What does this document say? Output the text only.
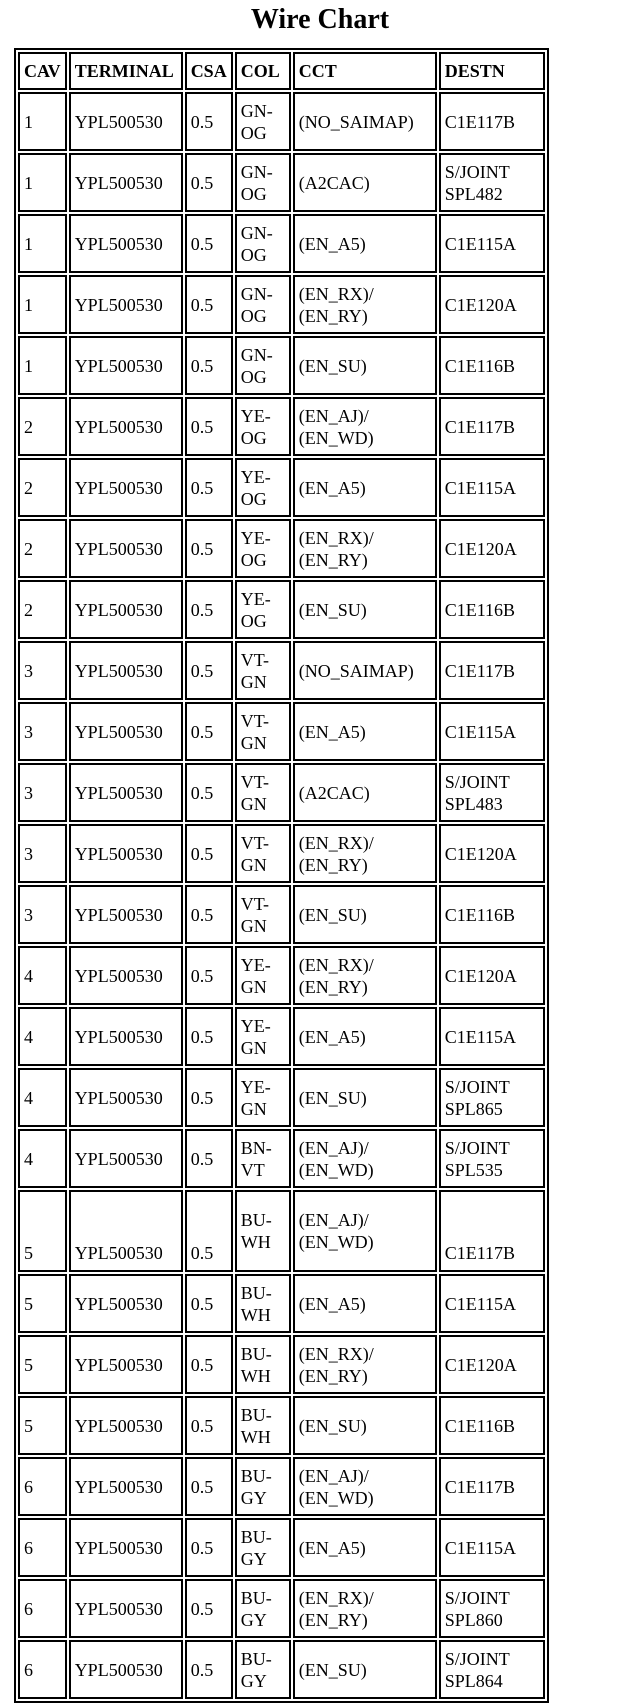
Wire Chart
CAV	TERMINAL	CSA	COL	CCT	DESTN
1	YPL500530	0.5	GN- OG	(NO_SAIMAP)	C1E117B
1	YPL500530	0.5	GN- OG	(A2CAC)	S/JOINT SPL482
1	YPL500530	0.5	GN- OG	(EN_A5)	C1E115A
1	YPL500530	0.5	GN- OG	(EN_RX)/ (EN_RY)	C1E120A
1	YPL500530	0.5	GN- OG	(EN_SU)	C1E116B
2	YPL500530	0.5	YE- OG	(EN_AJ)/ (EN_WD)	C1E117B
2	YPL500530	0.5	YE- OG	(EN_A5)	C1E115A
2	YPL500530	0.5	YE- OG	(EN_RX)/ (EN_RY)	C1E120A
2	YPL500530	0.5	YE- OG	(EN_SU)	C1E116B
3	YPL500530	0.5	VT- GN	(NO_SAIMAP)	C1E117B
3	YPL500530	0.5	VT- GN	(EN_A5)	C1E115A
3	YPL500530	0.5	VT- GN	(A2CAC)	S/JOINT SPL483
3	YPL500530	0.5	VT- GN	(EN_RX)/ (EN_RY)	C1E120A
3	YPL500530	0.5	VT- GN	(EN_SU)	C1E116B
4	YPL500530	0.5	YE- GN	(EN_RX)/ (EN_RY)	C1E120A
4	YPL500530	0.5	YE- GN	(EN_A5)	C1E115A
4	YPL500530	0.5	YE- GN	(EN_SU)	S/JOINT SPL865
4	YPL500530	0.5	BN- VT	(EN_AJ)/ (EN_WD)	S/JOINT SPL535
5	YPL500530	0.5	BU- WH	(EN_AJ)/ (EN_WD)	C1E117B
5	YPL500530	0.5	BU- WH	(EN_A5)	C1E115A
5	YPL500530	0.5	BU- WH	(EN_RX)/ (EN_RY)	C1E120A
5	YPL500530	0.5	BU- WH	(EN_SU)	C1E116B
6	YPL500530	0.5	BU- GY	(EN_AJ)/ (EN_WD)	C1E117B
6	YPL500530	0.5	BU- GY	(EN_A5)	C1E115A
6	YPL500530	0.5	BU- GY	(EN_RX)/ (EN_RY)	S/JOINT SPL860
6	YPL500530	0.5	BU- GY	(EN_SU)	S/JOINT SPL864
